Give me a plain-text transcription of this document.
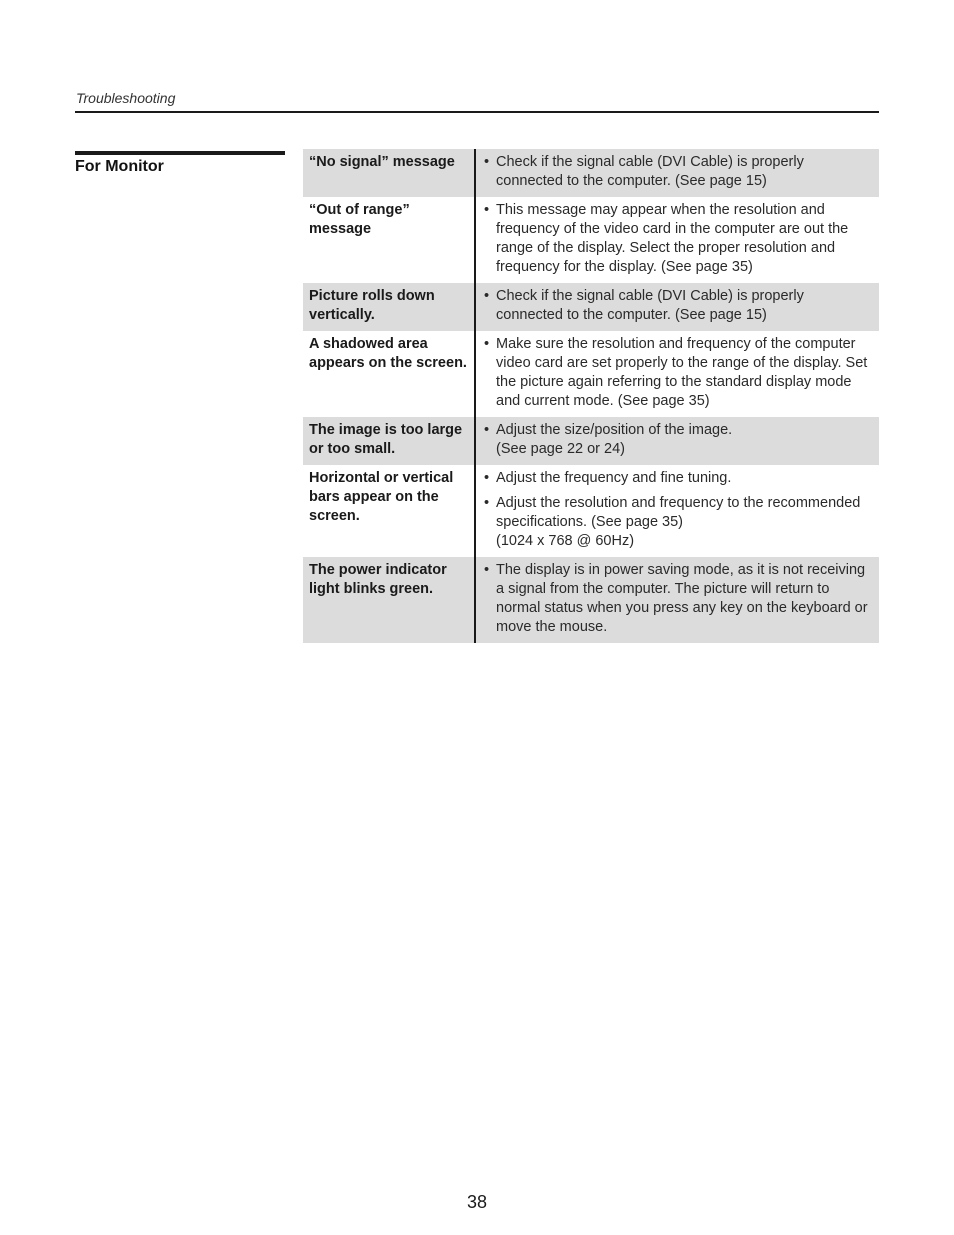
Troubleshooting
For Monitor	“No signal” message	• Check if the signal cable (DVI Cable) is properly connected to the computer. (See page 15)
“Out of range” message
• This message may appear when the resolution and frequency of the video card in the computer are out the range of the display. Select the proper resolution and frequency for the display. (See page 35)
Picture rolls down vertically.
• Check if the signal cable (DVI Cable) is properly connected to the computer. (See page 15)
A shadowed area appears on the screen.
• Make sure the resolution and frequency of the computer video card are set properly to the range of the display. Set the picture again referring to the standard display mode and current mode. (See page 35)
The image is too large or too small.
• Adjust the size/position of the image.
(See page 22 or 24)
Horizontal or vertical bars appear on the screen.
• Adjust the frequency and fine tuning.
• Adjust the resolution and frequency to the recommended specifications. (See page 35)
(1024 x 768 @ 60Hz)
The power indicator light blinks green.
• The display is in power saving mode, as it is not receiving a signal from the computer. The picture will return to normal status when you press any key on the keyboard or move the mouse.
38
